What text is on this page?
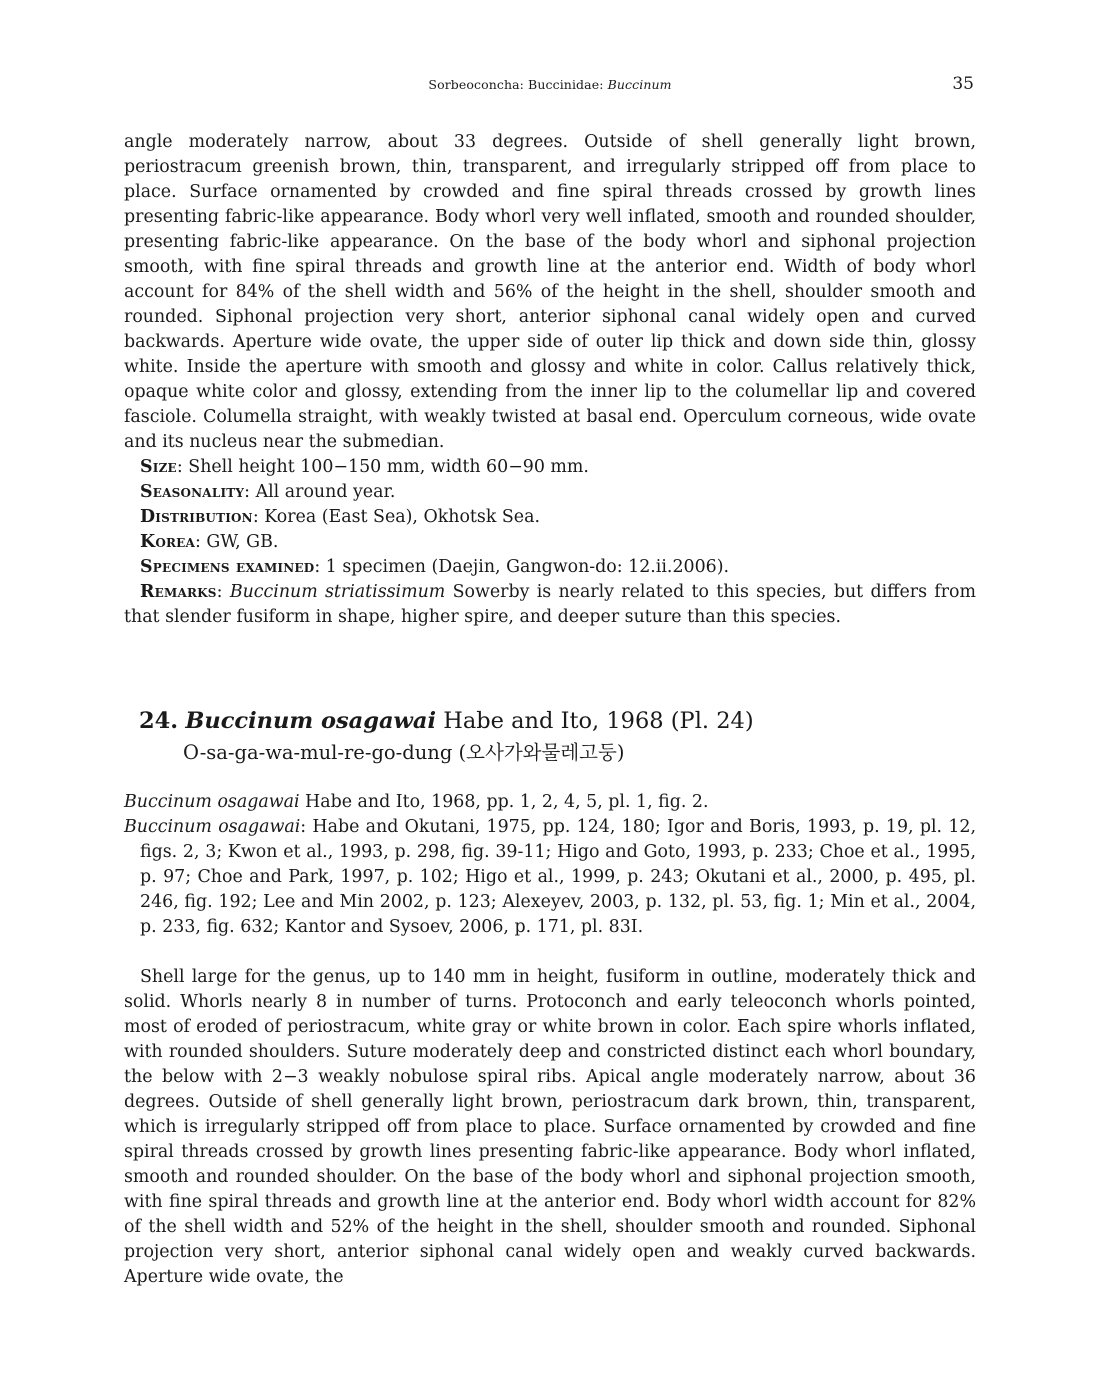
Sorbeoconcha: Buccinidae: Buccinum	35
angle moderately narrow, about 33 degrees. Outside of shell generally light brown, periostracum greenish brown, thin, transparent, and irregularly stripped off from place to place. Surface ornamented by crowded and fine spiral threads crossed by growth lines presenting fabric-like appearance. Body whorl very well inflated, smooth and rounded shoulder, presenting fabric-like appearance. On the base of the body whorl and siphonal projection smooth, with fine spiral threads and growth line at the anterior end. Width of body whorl account for 84% of the shell width and 56% of the height in the shell, shoulder smooth and rounded. Siphonal projection very short, anterior siphonal canal widely open and curved backwards. Aperture wide ovate, the upper side of outer lip thick and down side thin, glossy white. Inside the aperture with smooth and glossy and white in color. Callus relatively thick, opaque white color and glossy, extending from the inner lip to the columellar lip and covered fasciole. Columella straight, with weakly twisted at basal end. Operculum corneous, wide ovate and its nucleus near the submedian.
Size: Shell height 100−150 mm, width 60−90 mm.
Seasonality: All around year.
Distribution: Korea (East Sea), Okhotsk Sea.
Korea: GW, GB.
Specimens examined: 1 specimen (Daejin, Gangwon-do: 12.ii.2006).
Remarks: Buccinum striatissimum Sowerby is nearly related to this species, but differs from that slender fusiform in shape, higher spire, and deeper suture than this species.
24. Buccinum osagawai Habe and Ito, 1968 (Pl. 24)
O-sa-ga-wa-mul-re-go-dung (오사가와물레고둥)
Buccinum osagawai Habe and Ito, 1968, pp. 1, 2, 4, 5, pl. 1, fig. 2.
Buccinum osagawai: Habe and Okutani, 1975, pp. 124, 180; Igor and Boris, 1993, p. 19, pl. 12, figs. 2, 3; Kwon et al., 1993, p. 298, fig. 39-11; Higo and Goto, 1993, p. 233; Choe et al., 1995, p. 97; Choe and Park, 1997, p. 102; Higo et al., 1999, p. 243; Okutani et al., 2000, p. 495, pl. 246, fig. 192; Lee and Min 2002, p. 123; Alexeyev, 2003, p. 132, pl. 53, fig. 1; Min et al., 2004, p. 233, fig. 632; Kantor and Sysoev, 2006, p. 171, pl. 83I.
Shell large for the genus, up to 140 mm in height, fusiform in outline, moderately thick and solid. Whorls nearly 8 in number of turns. Protoconch and early teleoconch whorls pointed, most of eroded of periostracum, white gray or white brown in color. Each spire whorls inflated, with rounded shoulders. Suture moderately deep and constricted distinct each whorl boundary, the below with 2−3 weakly nobulose spiral ribs. Apical angle moderately narrow, about 36 degrees. Outside of shell generally light brown, periostracum dark brown, thin, transparent, which is irregularly stripped off from place to place. Surface ornamented by crowded and fine spiral threads crossed by growth lines presenting fabric-like appearance. Body whorl inflated, smooth and rounded shoulder. On the base of the body whorl and siphonal projection smooth, with fine spiral threads and growth line at the anterior end. Body whorl width account for 82% of the shell width and 52% of the height in the shell, shoulder smooth and rounded. Siphonal projection very short, anterior siphonal canal widely open and weakly curved backwards. Aperture wide ovate, the
